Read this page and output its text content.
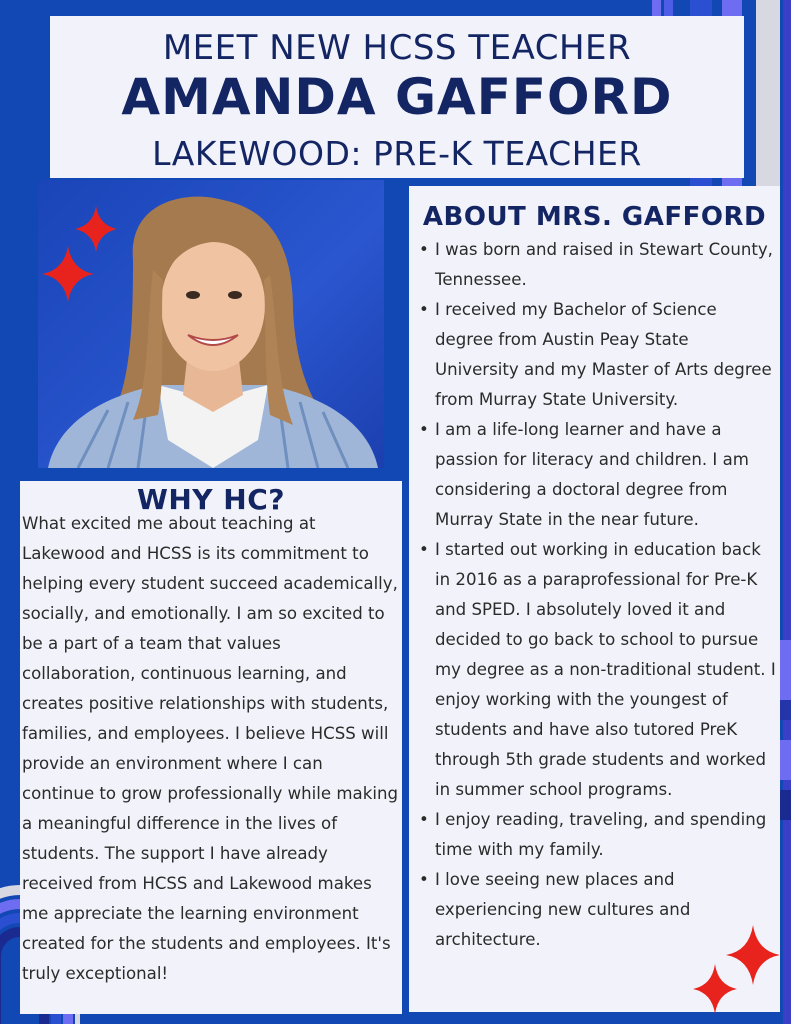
MEET NEW HCSS TEACHER
AMANDA GAFFORD
LAKEWOOD: PRE-K TEACHER
WHY HC?

What excited me about teaching at Lakewood and HCSS is its commitment to helping every student succeed academically, socially, and emotionally. I am so excited to be a part of a team that values collaboration, continuous learning, and creates positive relationships with students, families, and employees. I believe HCSS will provide an environment where I can continue to grow professionally while making a meaningful difference in the lives of students. The support I have already received from HCSS and Lakewood makes me appreciate the learning environment created for the students and employees. It's truly exceptional!

ABOUT MRS. GAFFORD
• I was born and raised in Stewart County, Tennessee.
• I received my Bachelor of Science degree from Austin Peay State University and my Master of Arts degree from Murray State University.
• I am a life-long learner and have a passion for literacy and children. I am considering a doctoral degree from Murray State in the near future.
• I started out working in education back in 2016 as a paraprofessional for Pre-K and SPED. I absolutely loved it and decided to go back to school to pursue my degree as a non-traditional student. I enjoy working with the youngest of students and have also tutored PreK through 5th grade students and worked in summer school programs.
• I enjoy reading, traveling, and spending time with my family.
• I love seeing new places and experiencing new cultures and architecture.
